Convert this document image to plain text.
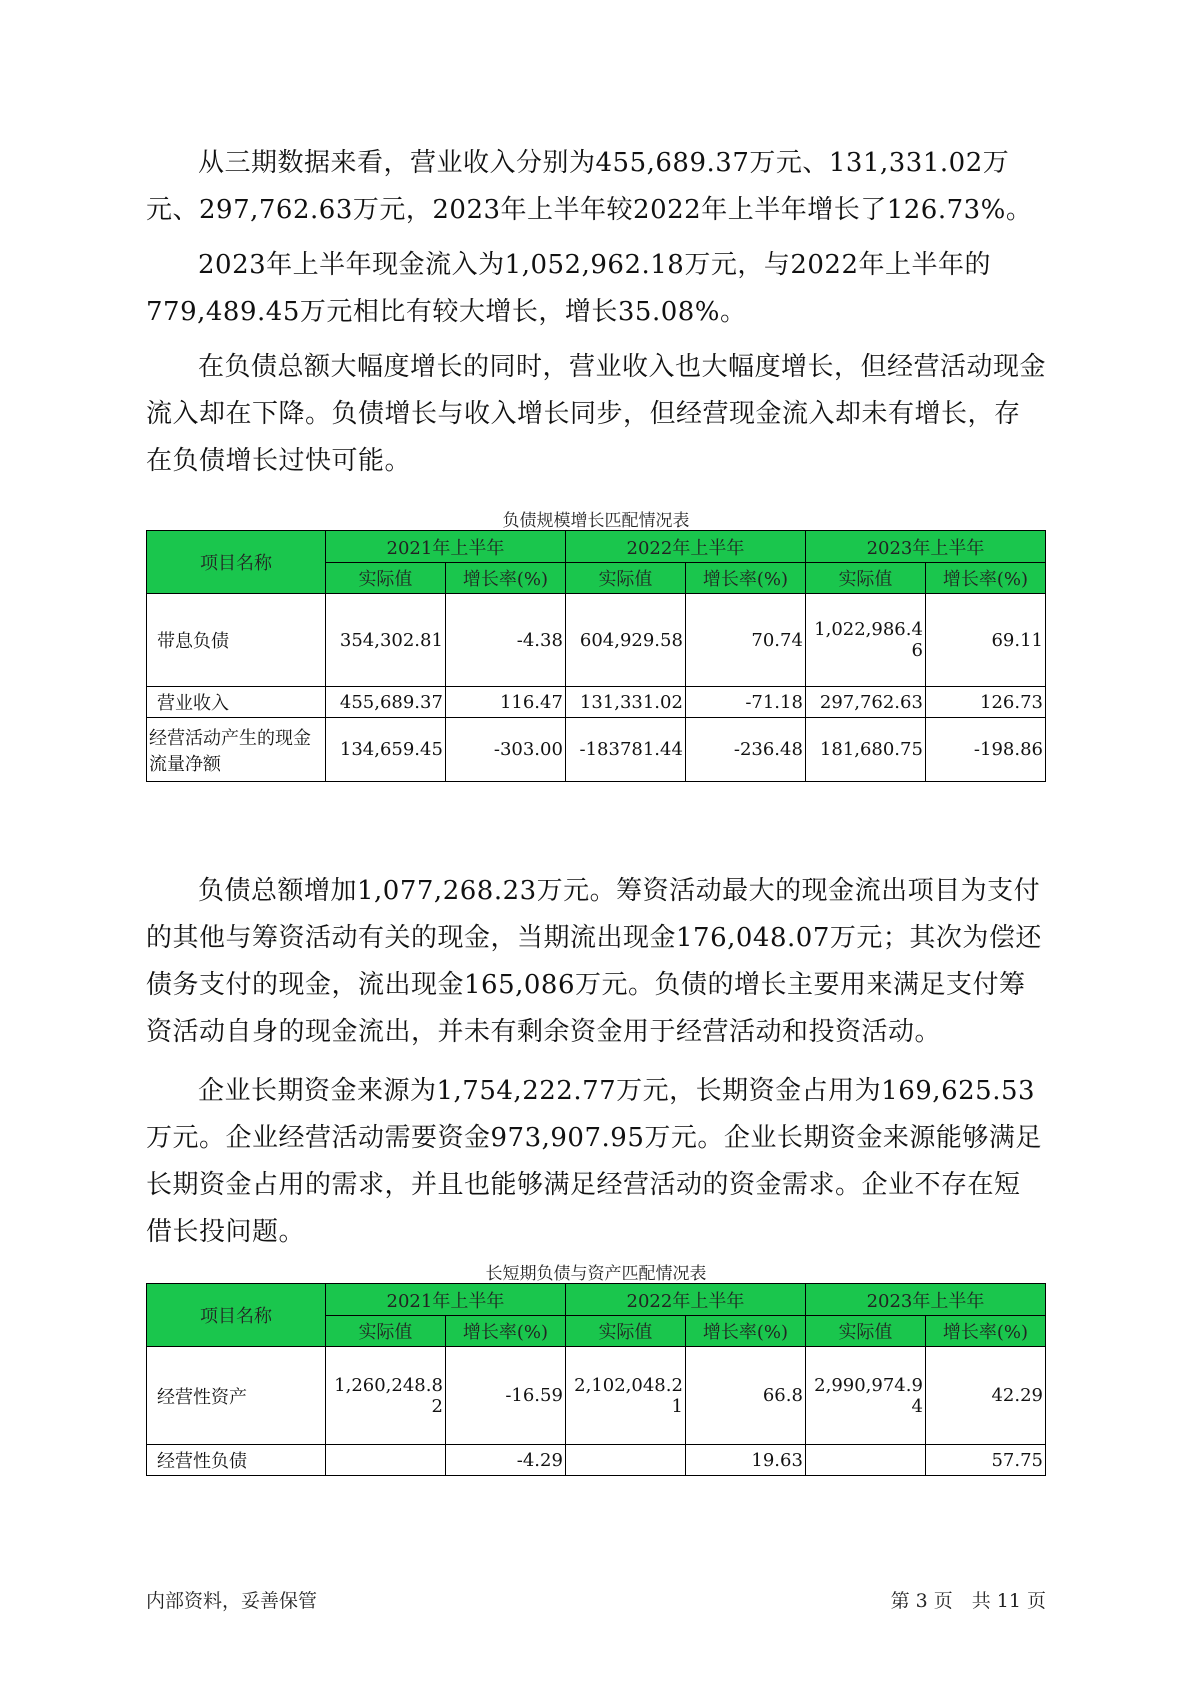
从三期数据来看，营业收入分别为455,689.37万元、131,331.02万元、297,762.63万元，2023年上半年较2022年上半年增长了126.73%。

2023年上半年现金流入为1,052,962.18万元，与2022年上半年的779,489.45万元相比有较大增长，增长35.08%。

在负债总额大幅度增长的同时，营业收入也大幅度增长，但经营活动现金流入却在下降。负债增长与收入增长同步，但经营现金流入却未有增长，存在负债增长过快可能。

负债规模增长匹配情况表

项目名称	2021年上半年		2022年上半年		2023年上半年	
	实际值	增长率(%)	实际值	增长率(%)	实际值	增长率(%)
带息负债	354,302.81	-4.38	604,929.58	70.74	1,022,986.46	69.11
营业收入	455,689.37	116.47	131,331.02	-71.18	297,762.63	126.73
经营活动产生的现金流量净额	134,659.45	-303.00	-183781.44	-236.48	181,680.75	-198.86

负债总额增加1,077,268.23万元。筹资活动最大的现金流出项目为支付的其他与筹资活动有关的现金，当期流出现金176,048.07万元；其次为偿还债务支付的现金，流出现金165,086万元。负债的增长主要用来满足支付筹资活动自身的现金流出，并未有剩余资金用于经营活动和投资活动。

企业长期资金来源为1,754,222.77万元，长期资金占用为169,625.53万元。企业经营活动需要资金973,907.95万元。企业长期资金来源能够满足长期资金占用的需求，并且也能够满足经营活动的资金需求。企业不存在短借长投问题。

长短期负债与资产匹配情况表

项目名称	2021年上半年		2022年上半年		2023年上半年	
	实际值	增长率(%)	实际值	增长率(%)	实际值	增长率(%)
经营性资产	1,260,248.82	-16.59	2,102,048.21	66.8	2,990,974.94	42.29
经营性负债		-4.29		19.63		57.75
内部资料，妥善保管	第 3 页　共 11 页
